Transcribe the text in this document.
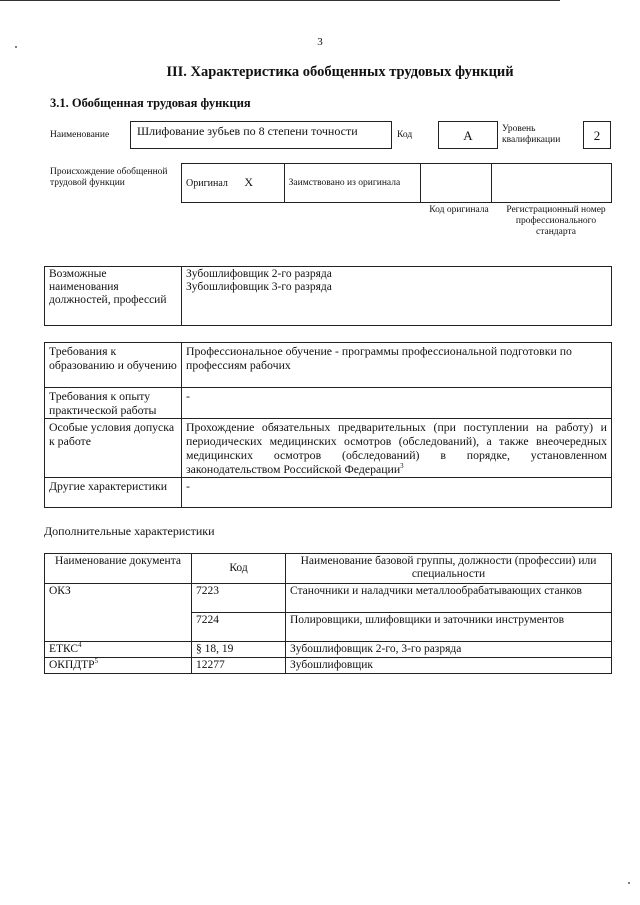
3
III. Характеристика обобщенных трудовых функций
3.1. Обобщенная трудовая функция
Наименование	Шлифование зубьев по 8 степени точности	Код	А	Уровень квалификации	2
Происхождение обобщенной трудовой функции	Оригинал Х	Заимствовано из оригинала		
Код оригинала	Регистрационный номер профессионального стандарта
Возможные наименования должностей, профессий	
Зубошлифовщик 2-го разряда
Зубошлифовщик 3-го разряда
Требования к образованию и обучению	Профессиональное обучение - программы профессиональной подготовки по профессиям рабочих
Требования к опыту практической работы	-
Особые условия допуска к работе	Прохождение обязательных предварительных (при поступлении на работу) и периодических медицинских осмотров (обследований), а также внеочередных медицинских осмотров (обследований) в порядке, установленном законодательством Российской Федерации$^3$
Другие характеристики	-
Дополнительные характеристики
Наименование документа	Код	Наименование базовой группы, должности (профессии) или специальности
ОКЗ	7223	Станочники и наладчики металлообрабатывающих станков
	7224	Полировщики, шлифовщики и заточники инструментов
ЕТКС$^4$	§ 18, 19	Зубошлифовщик 2-го, 3-го разряда
ОКПДТР$^5$	12277	Зубошлифовщик
